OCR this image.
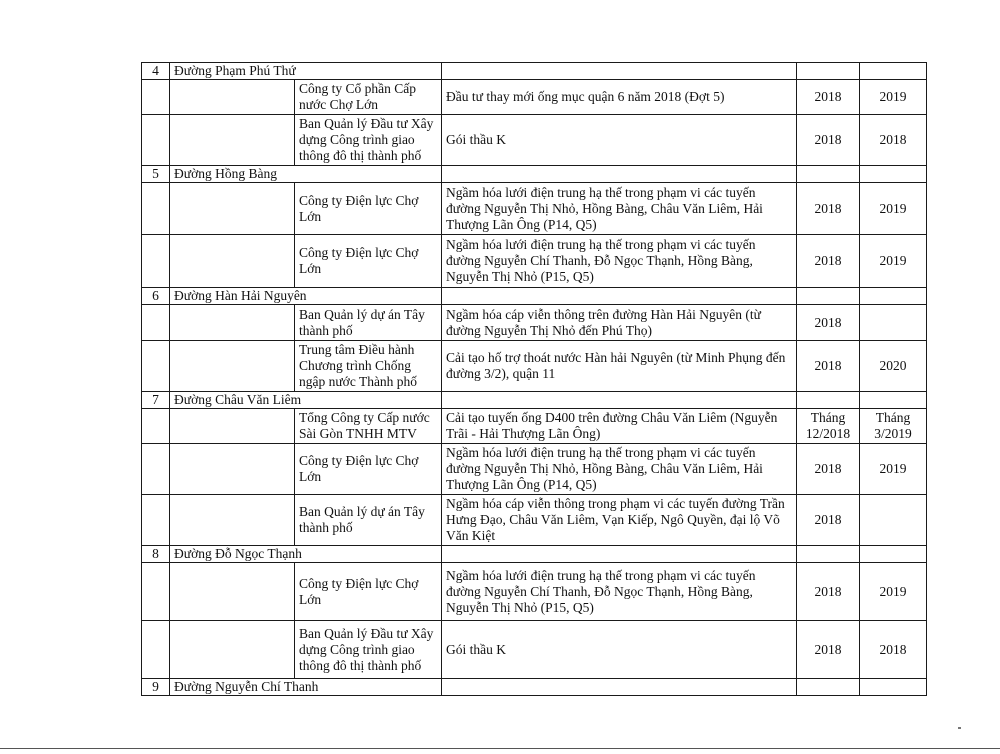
4	Đường Phạm Phú Thứ				
		Công ty Cổ phần Cấp nước Chợ Lớn	Đầu tư thay mới ống mục quận 6 năm 2018 (Đợt 5)	2018	2019
		Ban Quản lý Đầu tư Xây dựng Công trình giao thông đô thị thành phố	Gói thầu K	2018	2018
5	Đường Hồng Bàng				
		Công ty Điện lực Chợ Lớn	Ngầm hóa lưới điện trung hạ thế trong phạm vi các tuyến đường Nguyễn Thị Nhỏ, Hồng Bàng, Châu Văn Liêm, Hải Thượng Lãn Ông (P14, Q5)	2018	2019
		Công ty Điện lực Chợ Lớn	Ngầm hóa lưới điện trung hạ thế trong phạm vi các tuyến đường Nguyễn Chí Thanh, Đỗ Ngọc Thạnh, Hồng Bàng, Nguyễn Thị Nhỏ (P15, Q5)	2018	2019
6	Đường Hàn Hải Nguyên				
		Ban Quản lý dự án Tây thành phố	Ngầm hóa cáp viễn thông trên đường Hàn Hải Nguyên (từ đường Nguyễn Thị Nhỏ đến Phú Thọ)	2018	
		Trung tâm Điều hành Chương trình Chống ngập nước Thành phố	Cải tạo hố trợ thoát nước Hàn hải Nguyên (từ Minh Phụng đến đường 3/2), quận 11	2018	2020
7	Đường Châu Văn Liêm				
		Tổng Công ty Cấp nước Sài Gòn TNHH MTV	Cải tạo tuyến ống D400 trên đường Châu Văn Liêm (Nguyễn Trãi - Hải Thượng Lãn Ông)	Tháng 12/2018	Tháng 3/2019
		Công ty Điện lực Chợ Lớn	Ngầm hóa lưới điện trung hạ thế trong phạm vi các tuyến đường Nguyễn Thị Nhỏ, Hồng Bàng, Châu Văn Liêm, Hải Thượng Lãn Ông (P14, Q5)	2018	2019
		Ban Quản lý dự án Tây thành phố	Ngầm hóa cáp viễn thông trong phạm vi các tuyến đường Trần Hưng Đạo, Châu Văn Liêm, Vạn Kiếp, Ngô Quyền, đại lộ Võ Văn Kiệt	2018	
8	Đường Đỗ Ngọc Thạnh				
		Công ty Điện lực Chợ Lớn	Ngầm hóa lưới điện trung hạ thế trong phạm vi các tuyến đường Nguyễn Chí Thanh, Đỗ Ngọc Thạnh, Hồng Bàng, Nguyễn Thị Nhỏ (P15, Q5)	2018	2019
		Ban Quản lý Đầu tư Xây dựng Công trình giao thông đô thị thành phố	Gói thầu K	2018	2018
9	Đường Nguyễn Chí Thanh				
